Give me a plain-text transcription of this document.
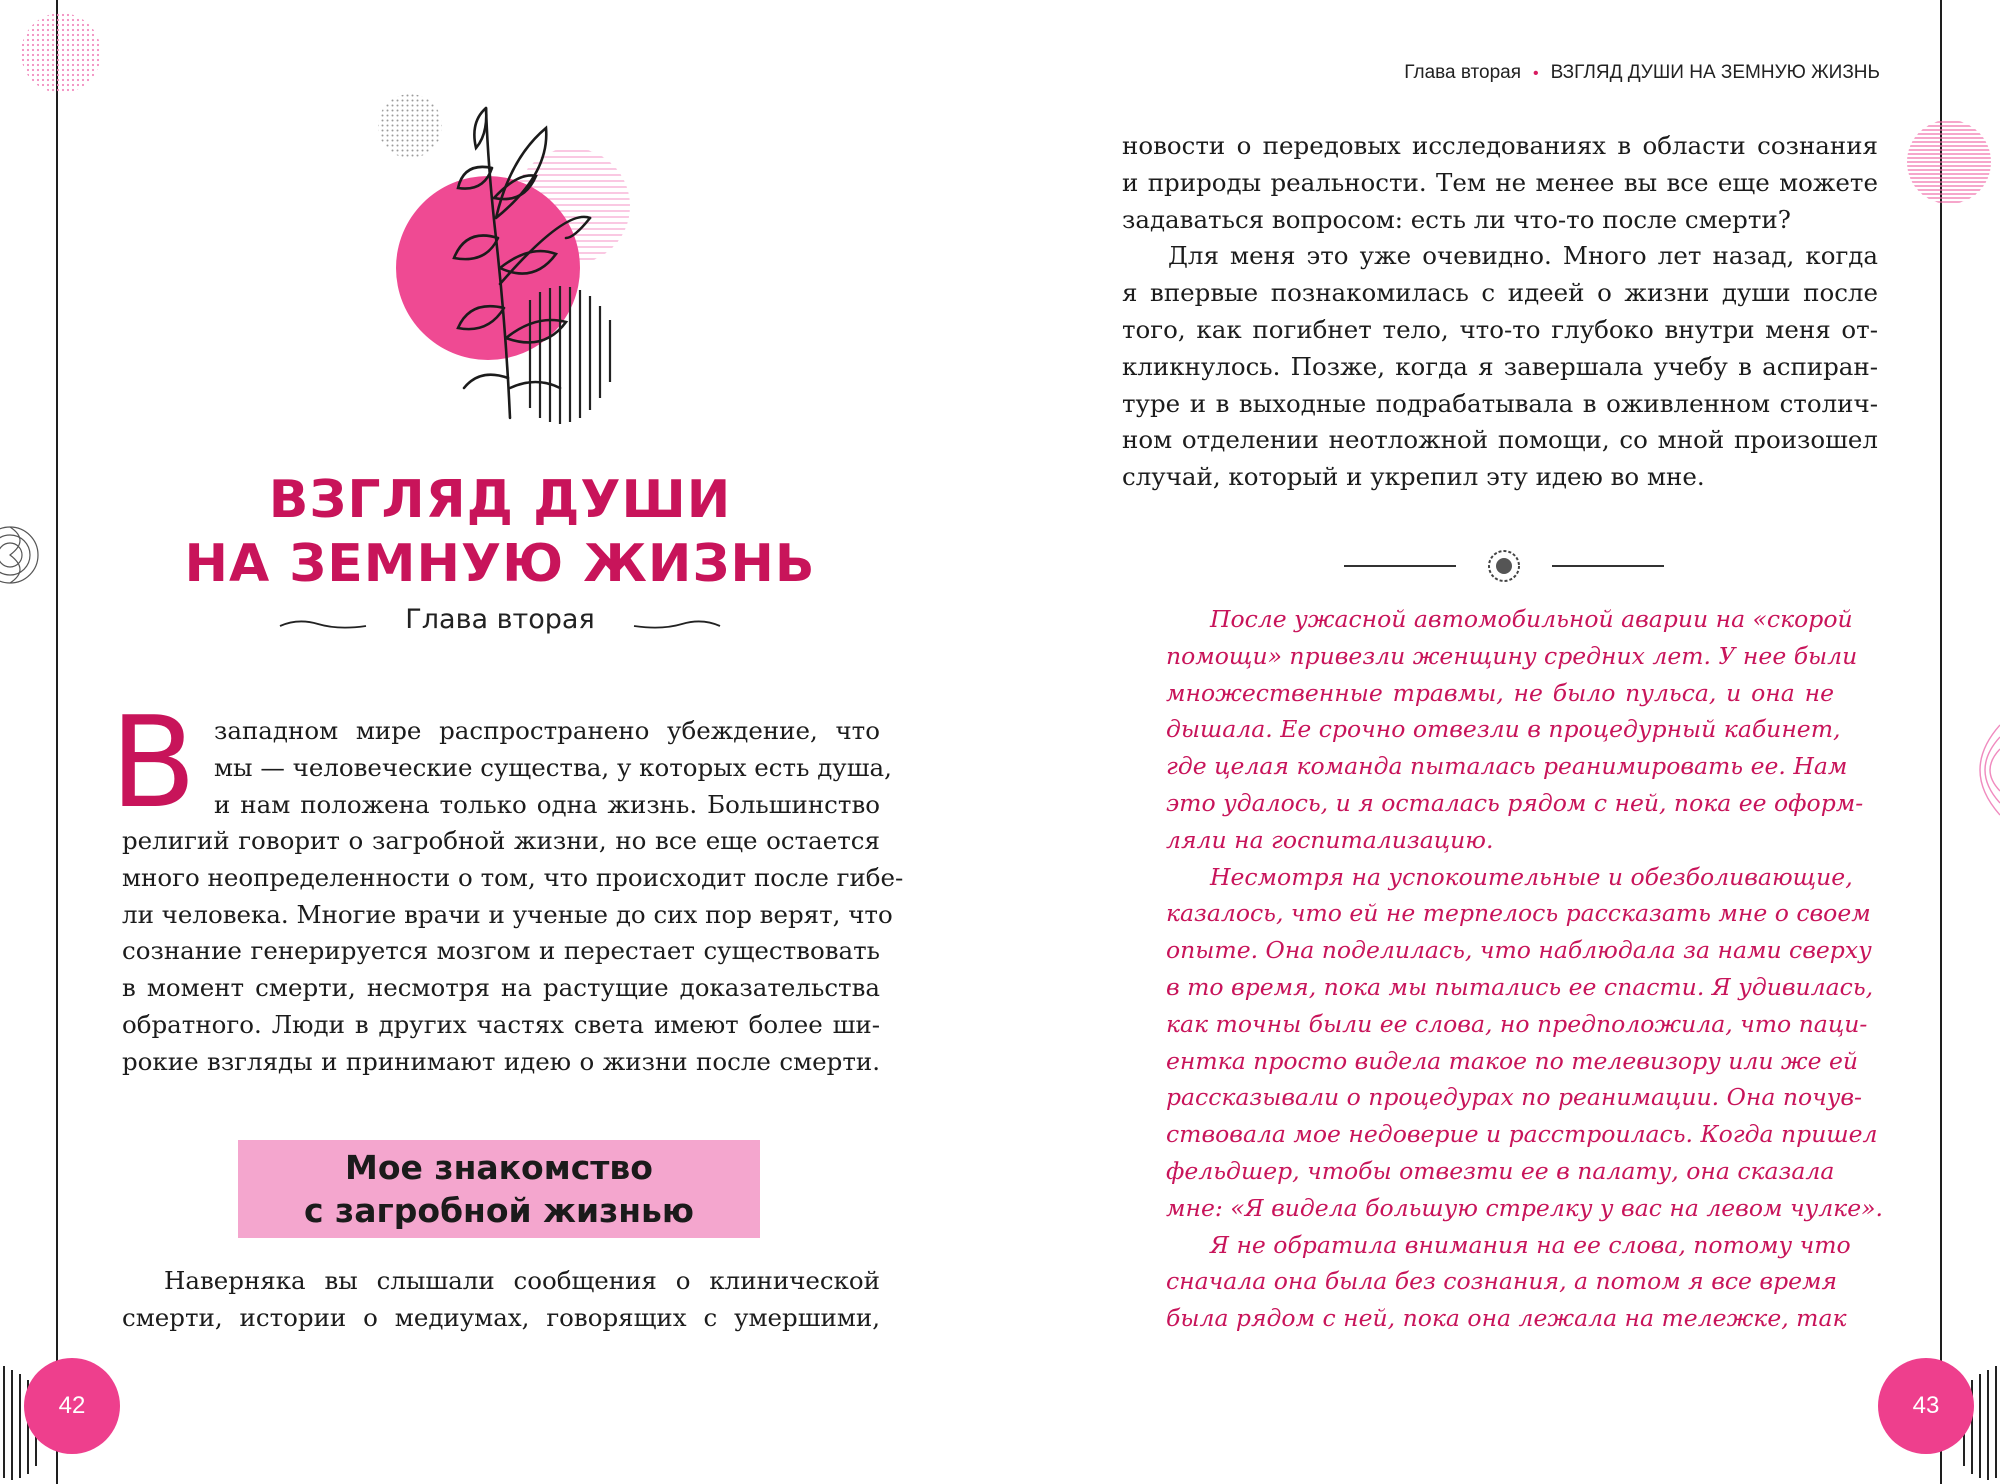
ВЗГЛЯД ДУШИ
НА ЗЕМНУЮ ЖИЗНЬ
Глава вторая
В западном мире распространено убеждение, что
мы — человеческие существа, у которых есть душа,
и нам положена только одна жизнь. Большинство
религий говорит о загробной жизни, но все еще остается
много неопределенности о том, что происходит после гибе-
ли человека. Многие врачи и ученые до сих пор верят, что
сознание генерируется мозгом и перестает существовать
в момент смерти, несмотря на растущие доказательства
обратного. Люди в других частях света имеют более ши-
рокие взгляды и принимают идею о жизни после смерти.
Мое знакомство
с загробной жизнью
Наверняка вы слышали сообщения о клинической
смерти, истории о медиумах, говорящих с умершими,
42
Глава вторая • ВЗГЛЯД ДУШИ НА ЗЕМНУЮ ЖИЗНЬ
новости о передовых исследованиях в области сознания
и природы реальности. Тем не менее вы все еще можете
задаваться вопросом: есть ли что-то после смерти?
Для меня это уже очевидно. Много лет назад, когда
я впервые познакомилась с идеей о жизни души после
того, как погибнет тело, что-то глубоко внутри меня от-
кликнулось. Позже, когда я завершала учебу в аспиран-
туре и в выходные подрабатывала в оживленном столич-
ном отделении неотложной помощи, со мной произошел
случай, который и укрепил эту идею во мне.
После ужасной автомобильной аварии на «скорой
помощи» привезли женщину средних лет. У нее были
множественные травмы, не было пульса, и она не
дышала. Ее срочно отвезли в процедурный кабинет,
где целая команда пыталась реанимировать ее. Нам
это удалось, и я осталась рядом с ней, пока ее оформ-
ляли на госпитализацию.
Несмотря на успокоительные и обезболивающие,
казалось, что ей не терпелось рассказать мне о своем
опыте. Она поделилась, что наблюдала за нами сверху
в то время, пока мы пытались ее спасти. Я удивилась,
как точны были ее слова, но предположила, что паци-
ентка просто видела такое по телевизору или же ей
рассказывали о процедурах по реанимации. Она почув-
ствовала мое недоверие и расстроилась. Когда пришел
фельдшер, чтобы отвезти ее в палату, она сказала
мне: «Я видела большую стрелку у вас на левом чулке».
Я не обратила внимания на ее слова, потому что
сначала она была без сознания, а потом я все время
была рядом с ней, пока она лежала на тележке, так
43
